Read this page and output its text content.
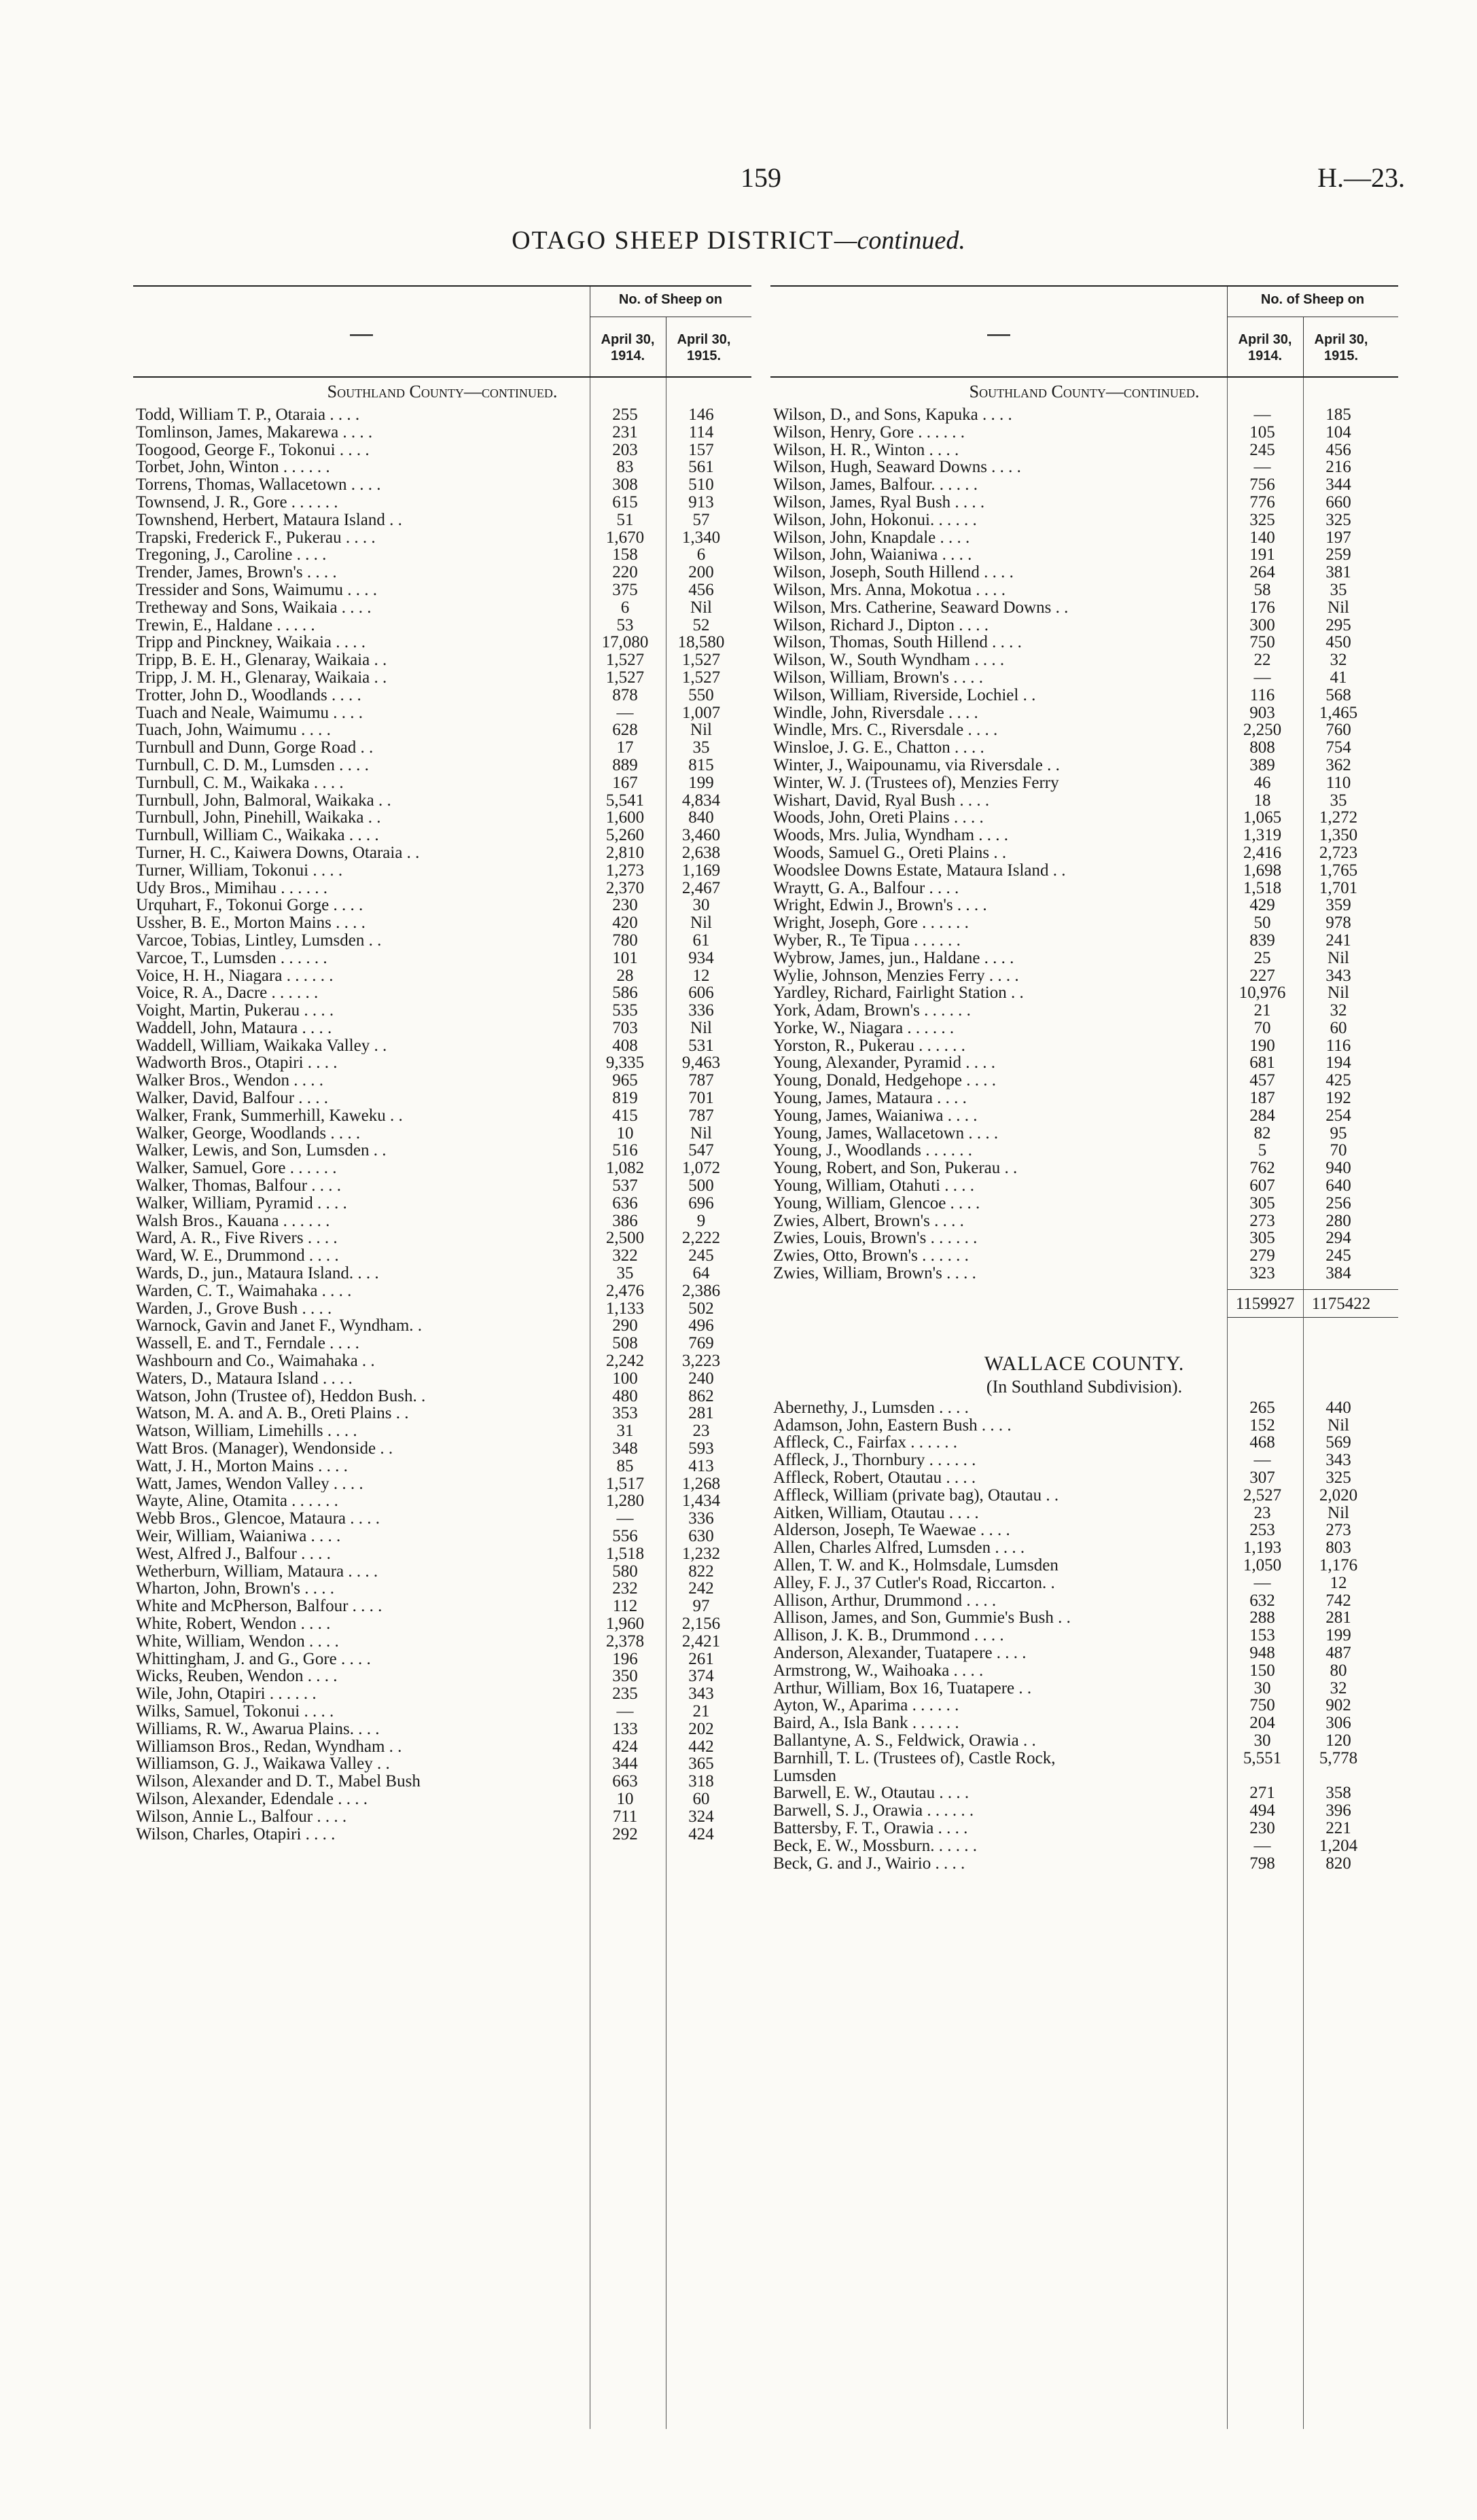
159	H.—23.
OTAGO SHEEP DISTRICT—continued.
—
No. of Sheep on
April 30,
1914.
April 30,
1915.
Southland County—continued.
Todd, William T. P., Otaraia . . . .	255	146
Tomlinson, James, Makarewa . . . .	231	114
Toogood, George F., Tokonui . . . .	203	157
Torbet, John, Winton . . . . . .	83	561
Torrens, Thomas, Wallacetown . . . .	308	510
Townsend, J. R., Gore . . . . . .	615	913
Townshend, Herbert, Mataura Island . .	51	57
Trapski, Frederick F., Pukerau . . . .	1,670	1,340
Tregoning, J., Caroline . . . .	158	6
Trender, James, Brown's . . . .	220	200
Tressider and Sons, Waimumu . . . .	375	456
Tretheway and Sons, Waikaia . . . .	6	Nil
Trewin, E., Haldane . . . . .	53	52
Tripp and Pinckney, Waikaia . . . .	17,080	18,580
Tripp, B. E. H., Glenaray, Waikaia . .	1,527	1,527
Tripp, J. M. H., Glenaray, Waikaia . .	1,527	1,527
Trotter, John D., Woodlands . . . .	878	550
Tuach and Neale, Waimumu . . . .	—	1,007
Tuach, John, Waimumu . . . .	628	Nil
Turnbull and Dunn, Gorge Road . .	17	35
Turnbull, C. D. M., Lumsden . . . .	889	815
Turnbull, C. M., Waikaka . . . .	167	199
Turnbull, John, Balmoral, Waikaka . .	5,541	4,834
Turnbull, John, Pinehill, Waikaka . .	1,600	840
Turnbull, William C., Waikaka . . . .	5,260	3,460
Turner, H. C., Kaiwera Downs, Otaraia . .	2,810	2,638
Turner, William, Tokonui . . . .	1,273	1,169
Udy Bros., Mimihau . . . . . .	2,370	2,467
Urquhart, F., Tokonui Gorge . . . .	230	30
Ussher, B. E., Morton Mains . . . .	420	Nil
Varcoe, Tobias, Lintley, Lumsden . .	780	61
Varcoe, T., Lumsden . . . . . .	101	934
Voice, H. H., Niagara . . . . . .	28	12
Voice, R. A., Dacre . . . . . .	586	606
Voight, Martin, Pukerau . . . .	535	336
Waddell, John, Mataura . . . .	703	Nil
Waddell, William, Waikaka Valley . .	408	531
Wadworth Bros., Otapiri . . . .	9,335	9,463
Walker Bros., Wendon . . . .	965	787
Walker, David, Balfour . . . .	819	701
Walker, Frank, Summerhill, Kaweku . .	415	787
Walker, George, Woodlands . . . .	10	Nil
Walker, Lewis, and Son, Lumsden . .	516	547
Walker, Samuel, Gore . . . . . .	1,082	1,072
Walker, Thomas, Balfour . . . .	537	500
Walker, William, Pyramid . . . .	636	696
Walsh Bros., Kauana . . . . . .	386	9
Ward, A. R., Five Rivers . . . .	2,500	2,222
Ward, W. E., Drummond . . . .	322	245
Wards, D., jun., Mataura Island. . . .	35	64
Warden, C. T., Waimahaka . . . .	2,476	2,386
Warden, J., Grove Bush . . . .	1,133	502
Warnock, Gavin and Janet F., Wyndham. .	290	496
Wassell, E. and T., Ferndale . . . .	508	769
Washbourn and Co., Waimahaka . .	2,242	3,223
Waters, D., Mataura Island . . . .	100	240
Watson, John (Trustee of), Heddon Bush. .	480	862
Watson, M. A. and A. B., Oreti Plains . .	353	281
Watson, William, Limehills . . . .	31	23
Watt Bros. (Manager), Wendonside . .	348	593
Watt, J. H., Morton Mains . . . .	85	413
Watt, James, Wendon Valley . . . .	1,517	1,268
Wayte, Aline, Otamita . . . . . .	1,280	1,434
Webb Bros., Glencoe, Mataura . . . .	—	336
Weir, William, Waianiwa . . . .	556	630
West, Alfred J., Balfour . . . .	1,518	1,232
Wetherburn, William, Mataura . . . .	580	822
Wharton, John, Brown's . . . .	232	242
White and McPherson, Balfour . . . .	112	97
White, Robert, Wendon . . . .	1,960	2,156
White, William, Wendon . . . .	2,378	2,421
Whittingham, J. and G., Gore . . . .	196	261
Wicks, Reuben, Wendon . . . .	350	374
Wile, John, Otapiri . . . . . .	235	343
Wilks, Samuel, Tokonui . . . .	—	21
Williams, R. W., Awarua Plains. . . .	133	202
Williamson Bros., Redan, Wyndham . .	424	442
Williamson, G. J., Waikawa Valley . .	344	365
Wilson, Alexander and D. T., Mabel Bush	663	318
Wilson, Alexander, Edendale . . . .	10	60
Wilson, Annie L., Balfour . . . .	711	324
Wilson, Charles, Otapiri . . . .	292	424
—
No. of Sheep on
April 30,
1914.
April 30,
1915.
Southland County—continued.
Wilson, D., and Sons, Kapuka . . . .	—	185
Wilson, Henry, Gore . . . . . .	105	104
Wilson, H. R., Winton . . . .	245	456
Wilson, Hugh, Seaward Downs . . . .	—	216
Wilson, James, Balfour. . . . . .	756	344
Wilson, James, Ryal Bush . . . .	776	660
Wilson, John, Hokonui. . . . . .	325	325
Wilson, John, Knapdale . . . .	140	197
Wilson, John, Waianiwa . . . .	191	259
Wilson, Joseph, South Hillend . . . .	264	381
Wilson, Mrs. Anna, Mokotua . . . .	58	35
Wilson, Mrs. Catherine, Seaward Downs . .	176	Nil
Wilson, Richard J., Dipton . . . .	300	295
Wilson, Thomas, South Hillend . . . .	750	450
Wilson, W., South Wyndham . . . .	22	32
Wilson, William, Brown's . . . .	—	41
Wilson, William, Riverside, Lochiel . .	116	568
Windle, John, Riversdale . . . .	903	1,465
Windle, Mrs. C., Riversdale . . . .	2,250	760
Winsloe, J. G. E., Chatton . . . .	808	754
Winter, J., Waipounamu, via Riversdale . .	389	362
Winter, W. J. (Trustees of), Menzies Ferry	46	110
Wishart, David, Ryal Bush . . . .	18	35
Woods, John, Oreti Plains . . . .	1,065	1,272
Woods, Mrs. Julia, Wyndham . . . .	1,319	1,350
Woods, Samuel G., Oreti Plains . .	2,416	2,723
Woodslee Downs Estate, Mataura Island . .	1,698	1,765
Wraytt, G. A., Balfour . . . .	1,518	1,701
Wright, Edwin J., Brown's . . . .	429	359
Wright, Joseph, Gore . . . . . .	50	978
Wyber, R., Te Tipua . . . . . .	839	241
Wybrow, James, jun., Haldane . . . .	25	Nil
Wylie, Johnson, Menzies Ferry . . . .	227	343
Yardley, Richard, Fairlight Station . .	10,976	Nil
York, Adam, Brown's . . . . . .	21	32
Yorke, W., Niagara . . . . . .	70	60
Yorston, R., Pukerau . . . . . .	190	116
Young, Alexander, Pyramid . . . .	681	194
Young, Donald, Hedgehope . . . .	457	425
Young, James, Mataura . . . .	187	192
Young, James, Waianiwa . . . .	284	254
Young, James, Wallacetown . . . .	82	95
Young, J., Woodlands . . . . . .	5	70
Young, Robert, and Son, Pukerau . .	762	940
Young, William, Otahuti . . . .	607	640
Young, William, Glencoe . . . .	305	256
Zwies, Albert, Brown's . . . .	273	280
Zwies, Louis, Brown's . . . . . .	305	294
Zwies, Otto, Brown's . . . . . .	279	245
Zwies, William, Brown's . . . .	323	384
1159927	1175422
WALLACE COUNTY.
(In Southland Subdivision).
Abernethy, J., Lumsden . . . .	265	440
Adamson, John, Eastern Bush . . . .	152	Nil
Affleck, C., Fairfax . . . . . .	468	569
Affleck, J., Thornbury . . . . . .	—	343
Affleck, Robert, Otautau . . . .	307	325
Affleck, William (private bag), Otautau . .	2,527	2,020
Aitken, William, Otautau . . . .	23	Nil
Alderson, Joseph, Te Waewae . . . .	253	273
Allen, Charles Alfred, Lumsden . . . .	1,193	803
Allen, T. W. and K., Holmsdale, Lumsden	1,050	1,176
Alley, F. J., 37 Cutler's Road, Riccarton. .	—	12
Allison, Arthur, Drummond . . . .	632	742
Allison, James, and Son, Gummie's Bush . .	288	281
Allison, J. K. B., Drummond . . . .	153	199
Anderson, Alexander, Tuatapere . . . .	948	487
Armstrong, W., Waihoaka . . . .	150	80
Arthur, William, Box 16, Tuatapere . .	30	32
Ayton, W., Aparima . . . . . .	750	902
Baird, A., Isla Bank . . . . . .	204	306
Ballantyne, A. S., Feldwick, Orawia . .	30	120
Barnhill, T. L. (Trustees of), Castle Rock,	5,551	5,778
Lumsden
Barwell, E. W., Otautau . . . .	271	358
Barwell, S. J., Orawia . . . . . .	494	396
Battersby, F. T., Orawia . . . .	230	221
Beck, E. W., Mossburn. . . . . .	—	1,204
Beck, G. and J., Wairio . . . .	798	820
